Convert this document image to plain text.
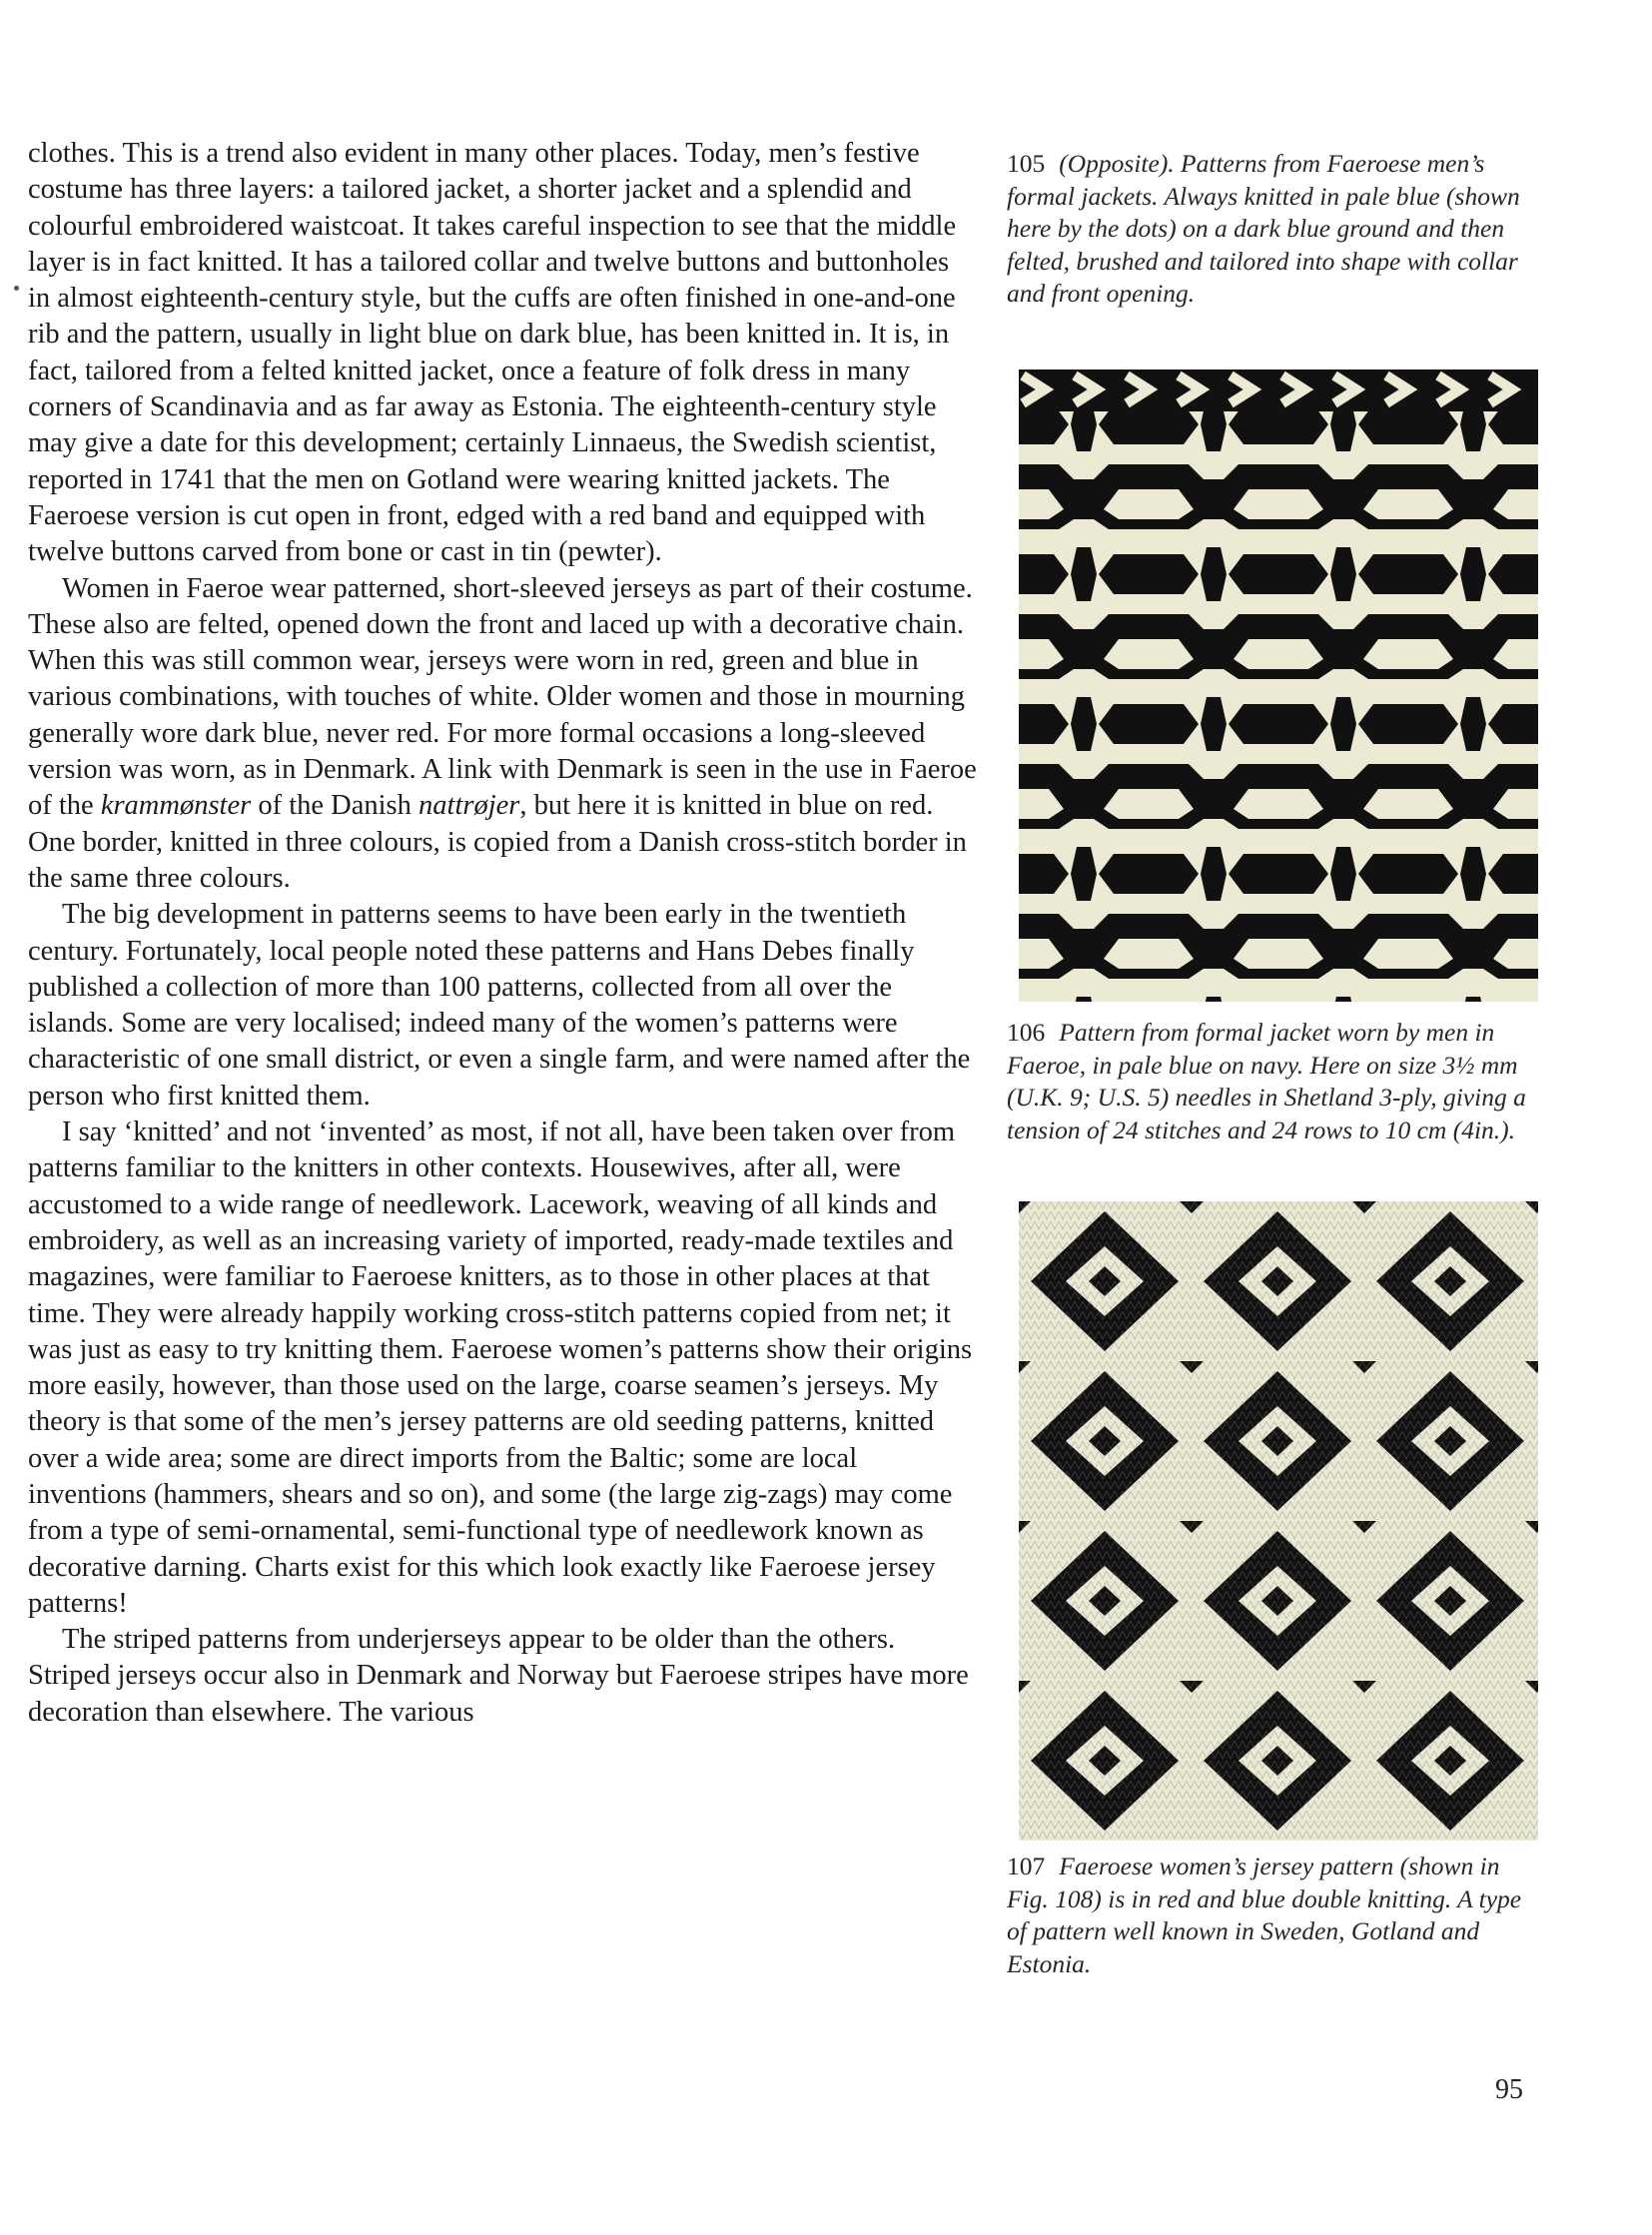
clothes. This is a trend also evident in many other places. Today, men’s festive costume has three layers: a tailored jacket, a shorter jacket and a splendid and colourful embroidered waistcoat. It takes careful inspection to see that the middle layer is in fact knitted. It has a tailored collar and twelve buttons and buttonholes in almost eighteenth-century style, but the cuffs are often finished in one-and-one rib and the pattern, usually in light blue on dark blue, has been knitted in. It is, in fact, tailored from a felted knitted jacket, once a feature of folk dress in many corners of Scandinavia and as far away as Estonia. The eighteenth-century style may give a date for this development; certainly Linnaeus, the Swedish scientist, reported in 1741 that the men on Gotland were wearing knitted jackets. The Faeroese version is cut open in front, edged with a red band and equipped with twelve buttons carved from bone or cast in tin (pewter).

Women in Faeroe wear patterned, short-sleeved jerseys as part of their costume. These also are felted, opened down the front and laced up with a decorative chain. When this was still common wear, jerseys were worn in red, green and blue in various combinations, with touches of white. Older women and those in mourning generally wore dark blue, never red. For more formal occasions a long-sleeved version was worn, as in Denmark. A link with Denmark is seen in the use in Faeroe of the krammønster of the Danish nattrøjer, but here it is knitted in blue on red. One border, knitted in three colours, is copied from a Danish cross-stitch border in the same three colours.

The big development in patterns seems to have been early in the twentieth century. Fortunately, local people noted these patterns and Hans Debes finally published a collection of more than 100 patterns, collected from all over the islands. Some are very localised; indeed many of the women’s patterns were characteristic of one small district, or even a single farm, and were named after the person who first knitted them.

I say ‘knitted’ and not ‘invented’ as most, if not all, have been taken over from patterns familiar to the knitters in other contexts. Housewives, after all, were accustomed to a wide range of needlework. Lacework, weaving of all kinds and embroidery, as well as an increasing variety of imported, ready-made textiles and magazines, were familiar to Faeroese knitters, as to those in other places at that time. They were already happily working cross-stitch patterns copied from net; it was just as easy to try knitting them. Faeroese women’s patterns show their origins more easily, however, than those used on the large, coarse seamen’s jerseys. My theory is that some of the men’s jersey patterns are old seeding patterns, knitted over a wide area; some are direct imports from the Baltic; some are local inventions (hammers, shears and so on), and some (the large zig-zags) may come from a type of semi-ornamental, semi-functional type of needlework known as decorative darning. Charts exist for this which look exactly like Faeroese jersey patterns!

The striped patterns from underjerseys appear to be older than the others. Striped jerseys occur also in Denmark and Norway but Faeroese stripes have more decoration than elsewhere. The various

105 (Opposite). Patterns from Faeroese men’s formal jackets. Always knitted in pale blue (shown here by the dots) on a dark blue ground and then felted, brushed and tailored into shape with collar and front opening.
106 Pattern from formal jacket worn by men in Faeroe, in pale blue on navy. Here on size 3½ mm (U.K. 9; U.S. 5) needles in Shetland 3-ply, giving a tension of 24 stitches and 24 rows to 10 cm (4in.).
107 Faeroese women’s jersey pattern (shown in Fig. 108) is in red and blue double knitting. A type of pattern well known in Sweden, Gotland and Estonia.
95
